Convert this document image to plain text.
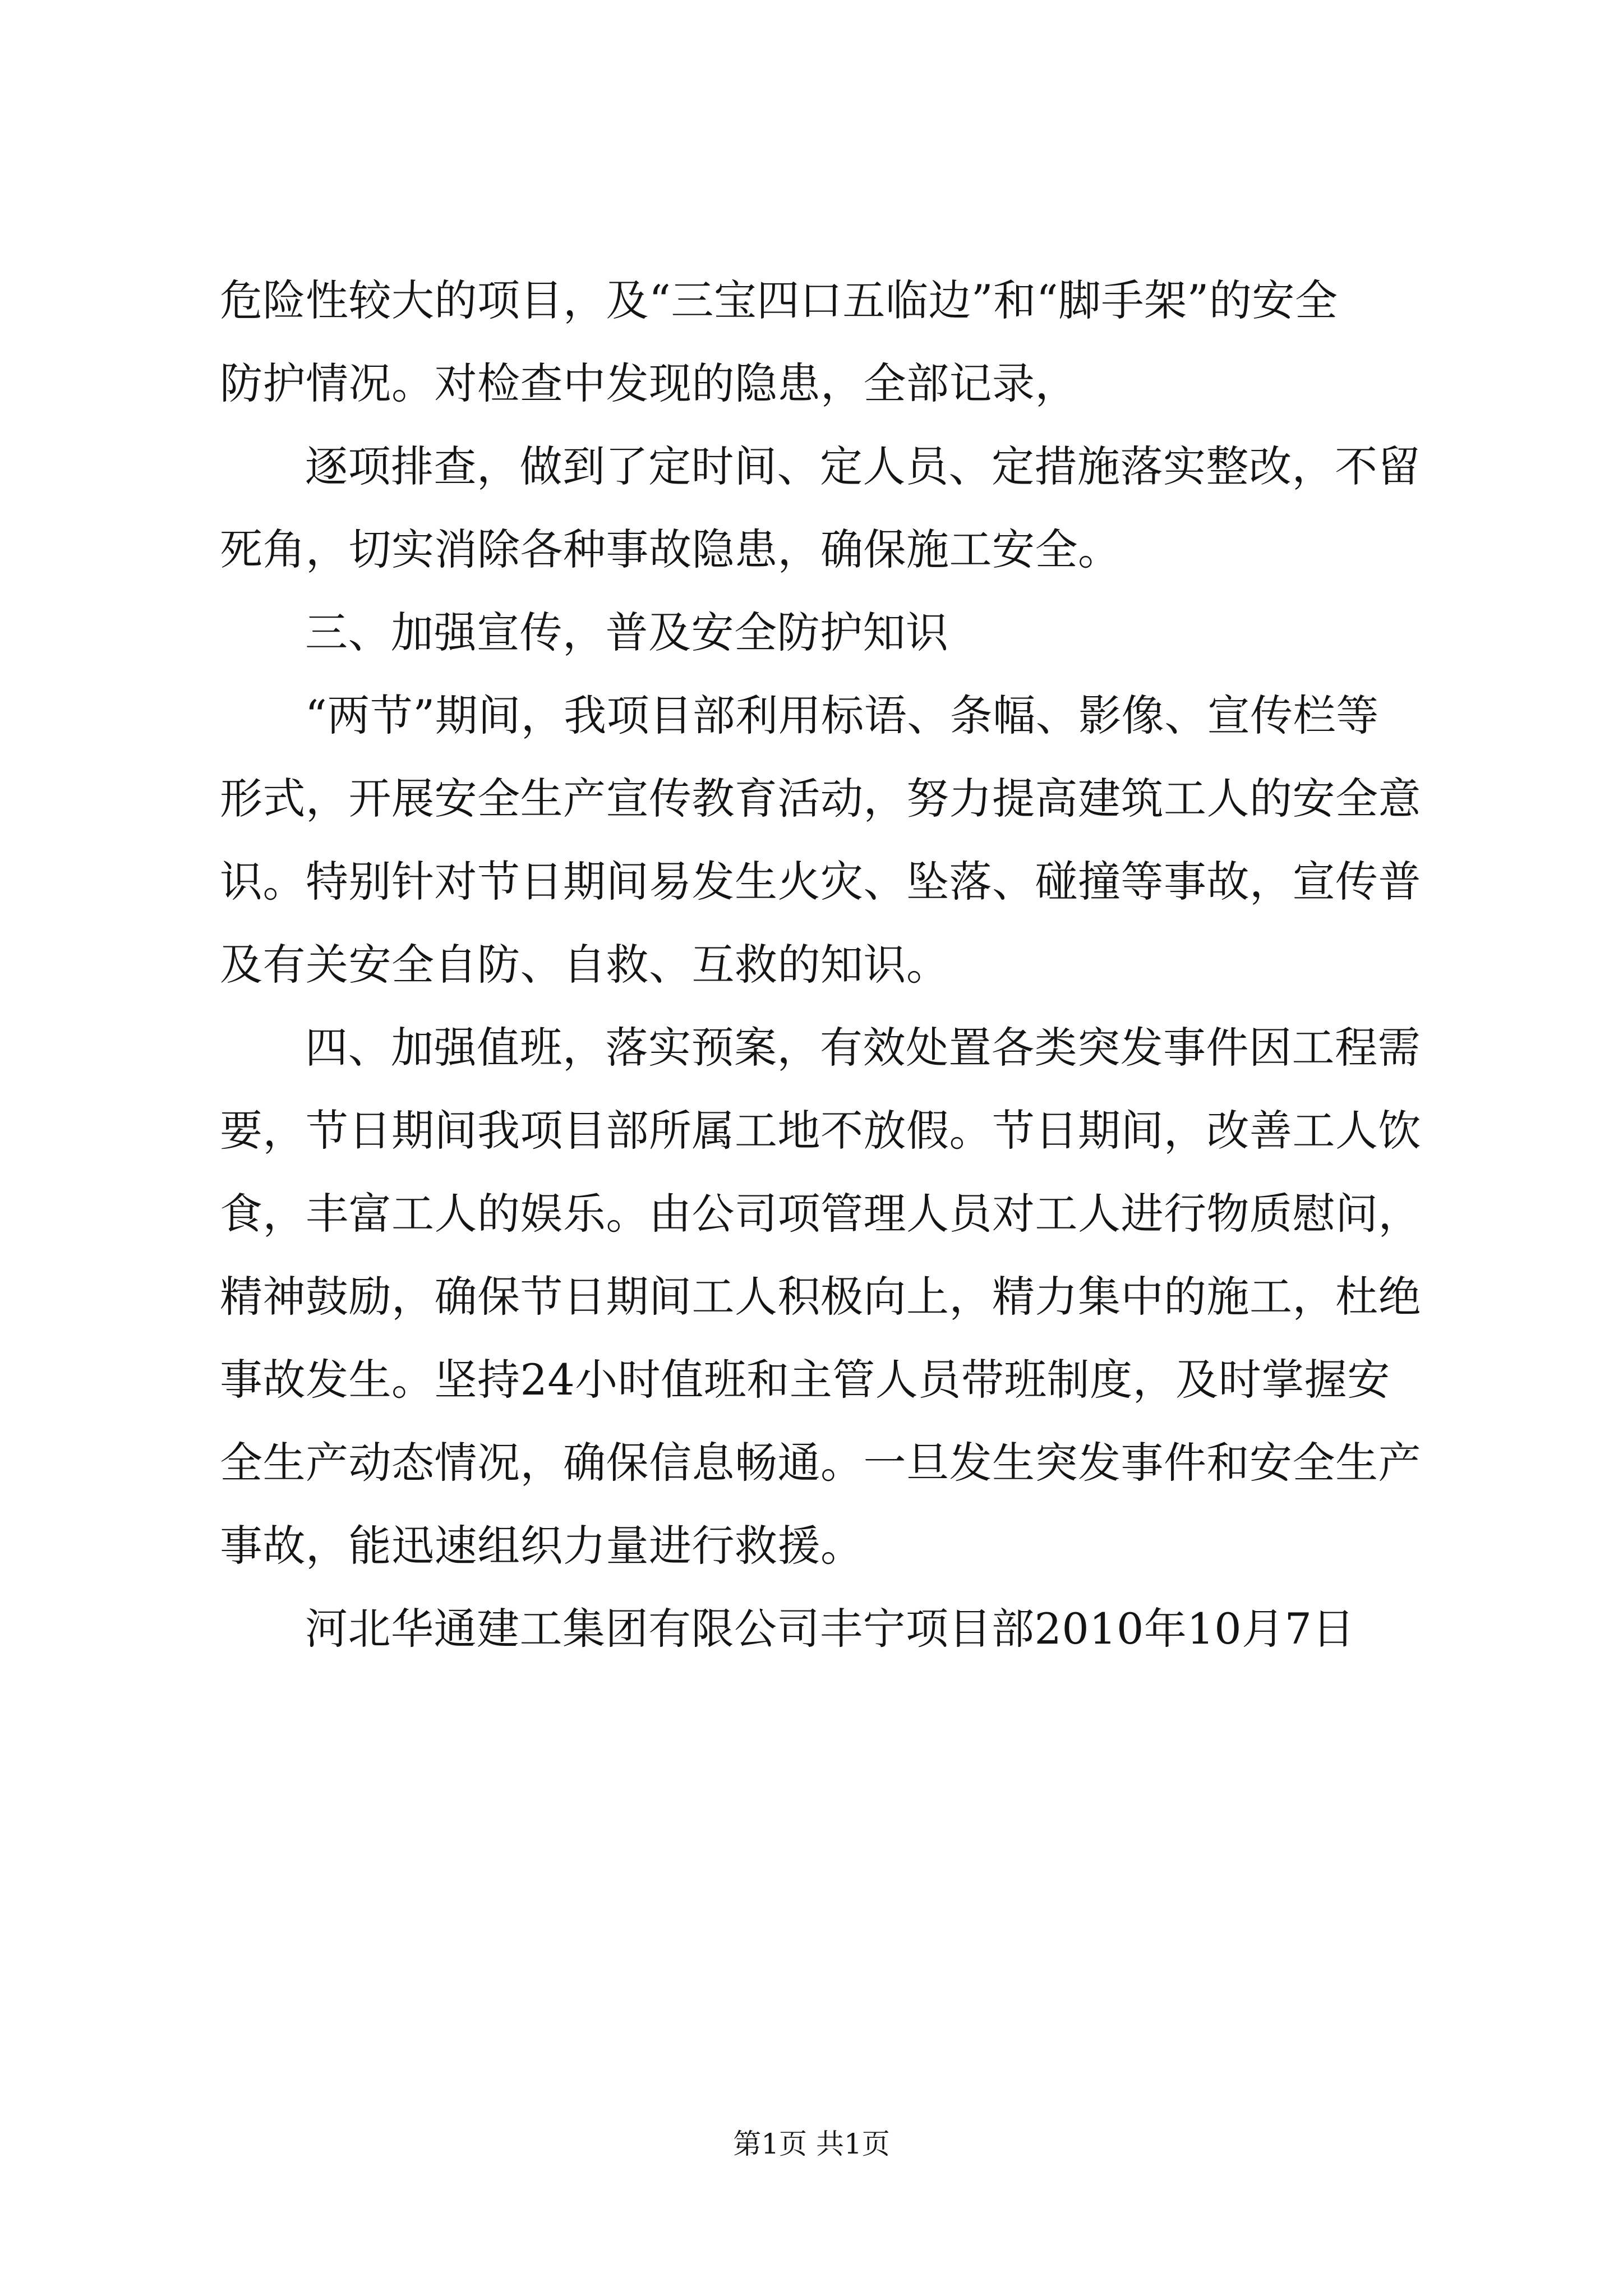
危险性较大的项目，及“三宝四口五临边”和“脚手架”的安全
防护情况。对检查中发现的隐患，全部记录，
逐项排查，做到了定时间、定人员、定措施落实整改，不留
死角，切实消除各种事故隐患，确保施工安全。
三、加强宣传，普及安全防护知识
“两节”期间，我项目部利用标语、条幅、影像、宣传栏等
形式，开展安全生产宣传教育活动，努力提高建筑工人的安全意
识。特别针对节日期间易发生火灾、坠落、碰撞等事故，宣传普
及有关安全自防、自救、互救的知识。
四、加强值班，落实预案，有效处置各类突发事件因工程需
要，节日期间我项目部所属工地不放假。节日期间，改善工人饮
食，丰富工人的娱乐。由公司项管理人员对工人进行物质慰问，
精神鼓励，确保节日期间工人积极向上，精力集中的施工，杜绝
事故发生。坚持24小时值班和主管人员带班制度，及时掌握安
全生产动态情况，确保信息畅通。一旦发生突发事件和安全生产
事故，能迅速组织力量进行救援。
河北华通建工集团有限公司丰宁项目部2010年10月7日
第1页 共1页
